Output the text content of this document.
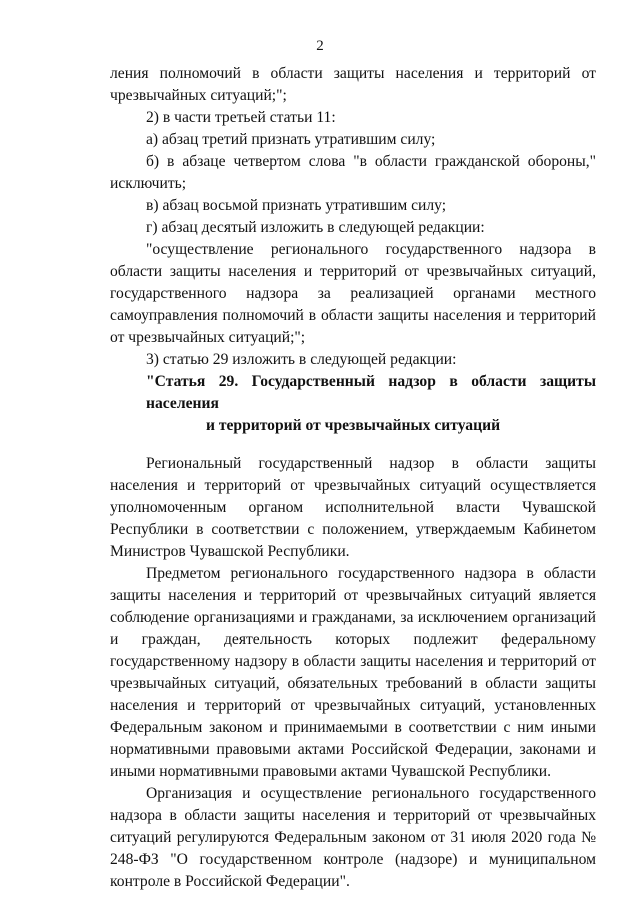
2

ления полномочий в области защиты населения и территорий от чрезвычайных ситуаций;";

2) в части третьей статьи 11:

а) абзац третий признать утратившим силу;

б) в абзаце четвертом слова "в области гражданской обороны," исключить;

в) абзац восьмой признать утратившим силу;

г) абзац десятый изложить в следующей редакции:

"осуществление регионального государственного надзора в области защиты населения и территорий от чрезвычайных ситуаций, государственного надзора за реализацией органами местного самоуправления полномочий в области защиты населения и территорий от чрезвычайных ситуаций;";

3) статью 29 изложить в следующей редакции:

"Статья 29. Государственный надзор в области защиты населения
и территорий от чрезвычайных ситуаций

Региональный государственный надзор в области защиты населения и территорий от чрезвычайных ситуаций осуществляется уполномоченным органом исполнительной власти Чувашской Республики в соответствии с положением, утверждаемым Кабинетом Министров Чувашской Республики.

Предметом регионального государственного надзора в области защиты населения и территорий от чрезвычайных ситуаций является соблюдение организациями и гражданами, за исключением организаций и граждан, деятельность которых подлежит федеральному государственному надзору в области защиты населения и территорий от чрезвычайных ситуаций, обязательных требований в области защиты населения и территорий от чрезвычайных ситуаций, установленных Федеральным законом и принимаемыми в соответствии с ним иными нормативными правовыми актами Российской Федерации, законами и иными нормативными правовыми актами Чувашской Республики.

Организация и осуществление регионального государственного надзора в области защиты населения и территорий от чрезвычайных ситуаций регулируются Федеральным законом от 31 июля 2020 года № 248-ФЗ "О государственном контроле (надзоре) и муниципальном контроле в Российской Федерации".
